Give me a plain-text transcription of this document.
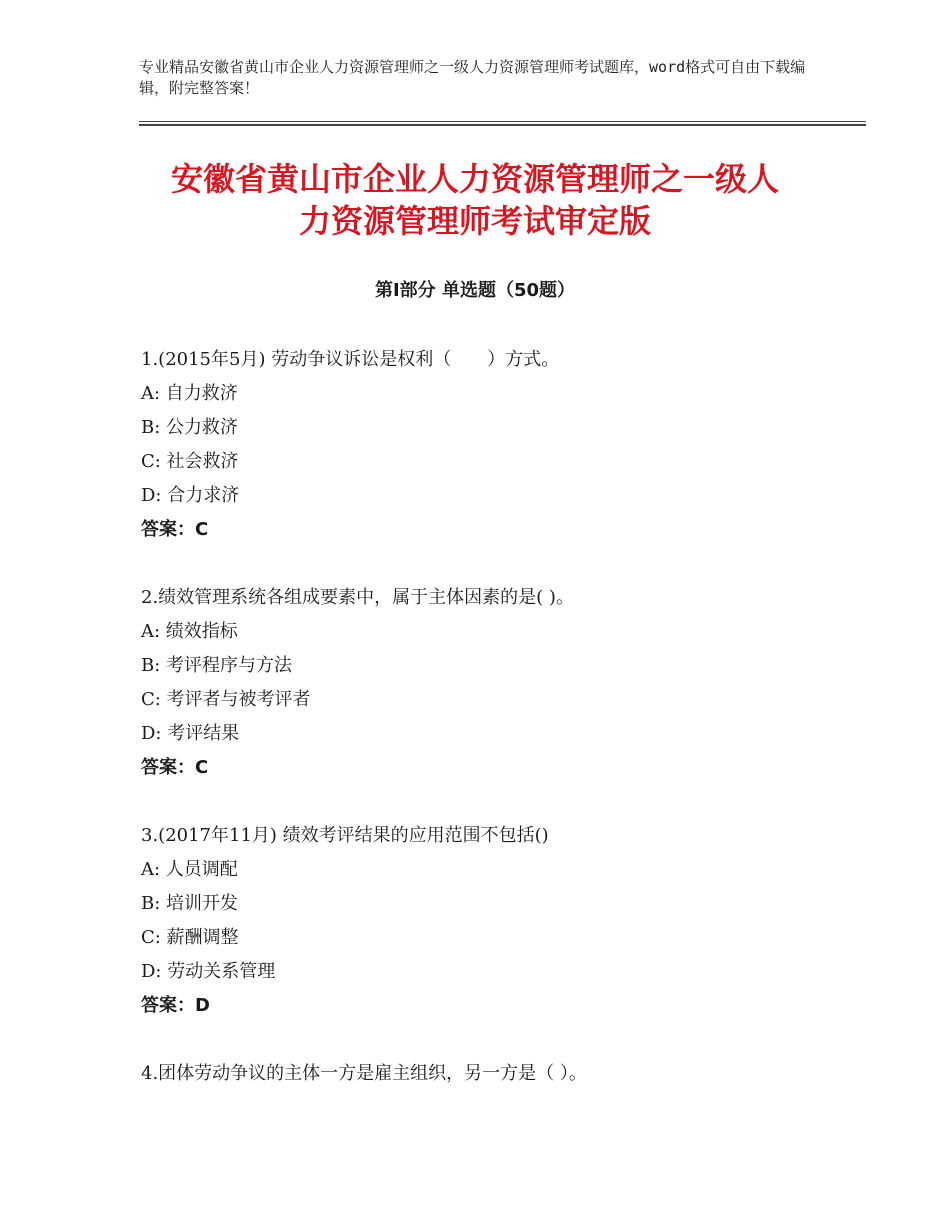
专业精品安徽省黄山市企业人力资源管理师之一级人力资源管理师考试题库，word格式可自由下载编辑，附完整答案！
安徽省黄山市企业人力资源管理师之一级人
力资源管理师考试审定版
第Ⅰ部分 单选题（50题）
1.(2015年5月) 劳动争议诉讼是权利（　　）方式。
A: 自力救济
B: 公力救济
C: 社会救济
D: 合力求济
答案：C
2.绩效管理系统各组成要素中，属于主体因素的是( )。
A: 绩效指标
B: 考评程序与方法
C: 考评者与被考评者
D: 考评结果
答案：C
3.(2017年11月) 绩效考评结果的应用范围不包括()
A: 人员调配
B: 培训开发
C: 薪酬调整
D: 劳动关系管理
答案：D
4.团体劳动争议的主体一方是雇主组织，另一方是（ ）。
